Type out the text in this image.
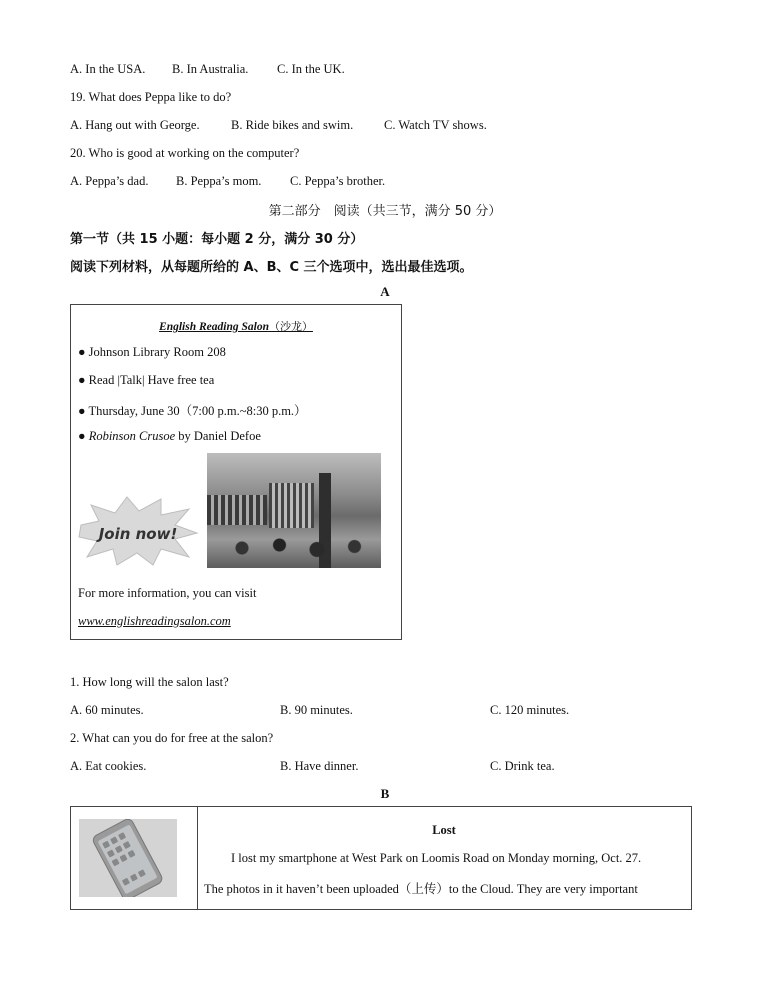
A. In the USA. B. In Australia. C. In the UK.
19. What does Peppa like to do?
A. Hang out with George.	B. Ride bikes and swim. C. Watch TV shows.
20. Who is good at working on the computer?
A. Peppa’s dad. B. Peppa’s mom. C. Peppa’s brother.
第二部分　阅读（共三节，满分 50 分）
第一节（共 15 小题：每小题 2 分，满分 30 分）
阅读下列材料，从每题所给的 A、B、C 三个选项中，选出最佳选项。
A
English Reading Salon（沙龙）
● Johnson Library Room 208
● Read |Talk| Have free tea
● Thursday, June 30（7:00 p.m.~8:30 p.m.）
● Robinson Crusoe by Daniel Defoe
Join now!
For more information, you can visit
www.englishreadingsalon.com
1. How long will the salon last?
A. 60 minutes.	B. 90 minutes.	C. 120 minutes.
2. What can you do for free at the salon?
A. Eat cookies.	B. Have dinner.	C. Drink tea.
B
Lost
I lost my smartphone at West Park on Loomis Road on Monday morning, Oct. 27.
The photos in it haven’t been uploaded（上传）to the Cloud. They are very important
